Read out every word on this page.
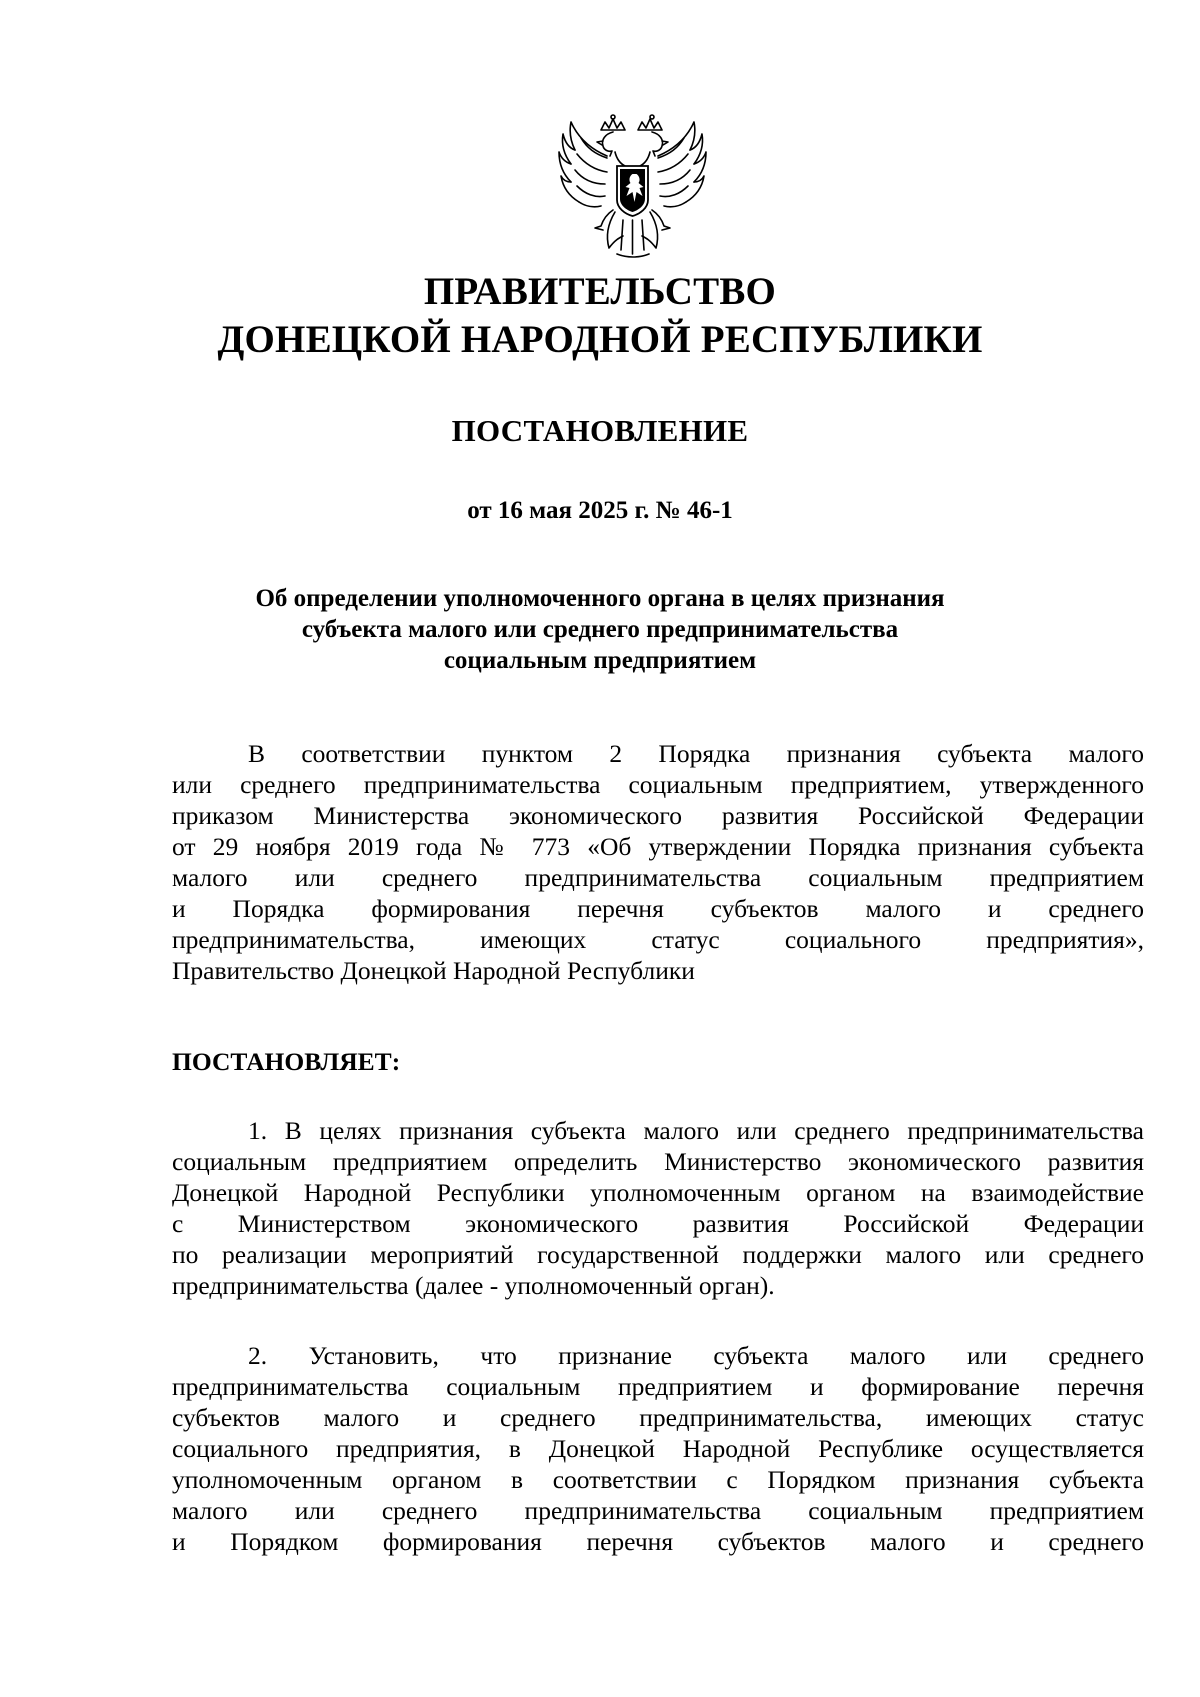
ПРАВИТЕЛЬСТВО
ДОНЕЦКОЙ НАРОДНОЙ РЕСПУБЛИКИ
ПОСТАНОВЛЕНИЕ
от 16 мая 2025 г. № 46-1
Об определении уполномоченного органа в целях признания
субъекта малого или среднего предпринимательства
социальным предприятием
В соответствии пунктом 2 Порядка признания субъекта малого
или среднего предпринимательства социальным предприятием, утвержденного
приказом Министерства экономического развития Российской Федерации
от 29 ноября 2019 года № 773 «Об утверждении Порядка признания субъекта
малого или среднего предпринимательства социальным предприятием
и Порядка формирования перечня субъектов малого и среднего
предпринимательства, имеющих статус социального предприятия»,
Правительство Донецкой Народной Республики
ПОСТАНОВЛЯЕТ:
1. В целях признания субъекта малого или среднего предпринимательства
социальным предприятием определить Министерство экономического развития
Донецкой Народной Республики уполномоченным органом на взаимодействие
с Министерством экономического развития Российской Федерации
по реализации мероприятий государственной поддержки малого или среднего
предпринимательства (далее - уполномоченный орган).
2. Установить, что признание субъекта малого или среднего
предпринимательства социальным предприятием и формирование перечня
субъектов малого и среднего предпринимательства, имеющих статус
социального предприятия, в Донецкой Народной Республике осуществляется
уполномоченным органом в соответствии с Порядком признания субъекта
малого или среднего предпринимательства социальным предприятием
и Порядком формирования перечня субъектов малого и среднего
